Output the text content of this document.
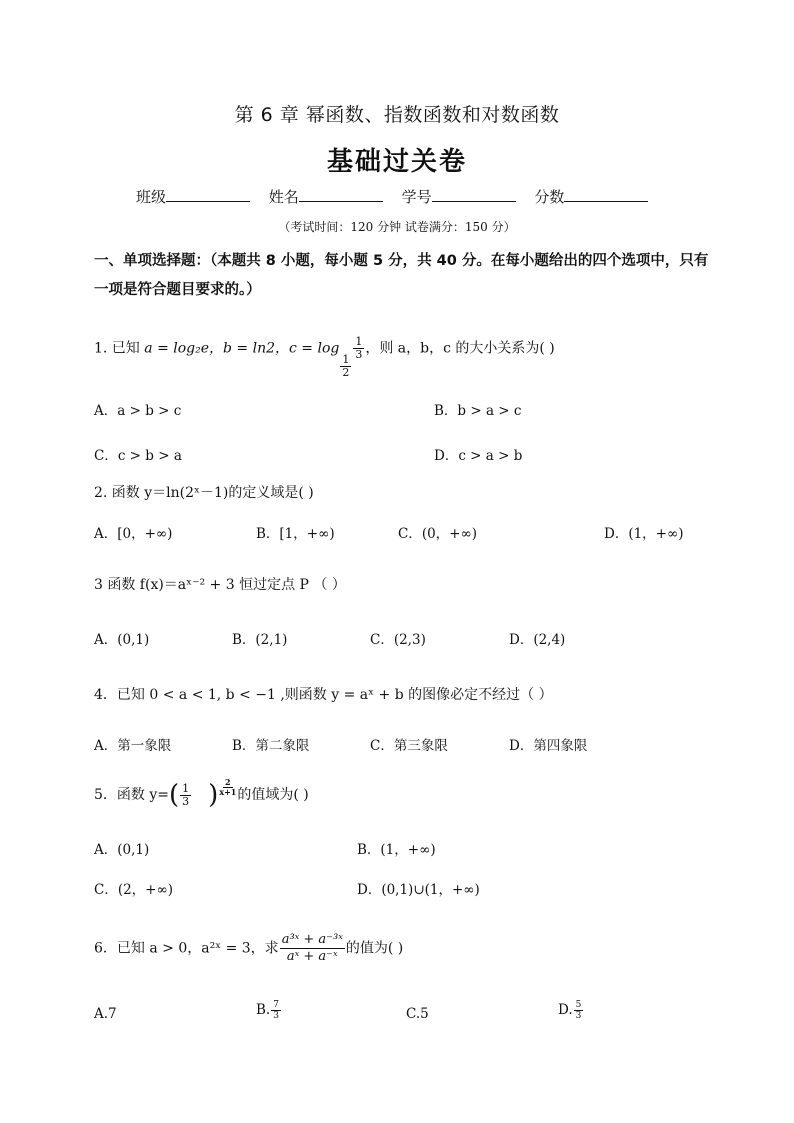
第 6 章 幂函数、指数函数和对数函数
基础过关卷
班级	姓名	学号	分数
（考试时间：120 分钟 试卷满分：150 分）
一、单项选择题：（本题共 8 小题，每小题 5 分，共 40 分。在每小题给出的四个选项中，只有一项是符合题目要求的。）
1. 已知 a = log₂e，b = ln2，c = log
$\frac{1}{2}$
$\frac{1}{3}$ ，则 a，b，c 的大小关系为( )
A．a > b > c	B．b > a > c
C．c > b > a	D．c > a > b
2. 函数 y＝ln(2ˣ－1)的定义域是( )
A．[0，+∞)	B．[1，+∞)	C．(0，+∞)	D．(1，+∞)
3 函数 f(x)＝aˣ⁻² + 3 恒过定点 P （ ）
A．(0,1)	B．(2,1)	C．(2,3)	D．(2,4)
4．已知 0 < a < 1, b < −1 ,则函数 y = aˣ + b 的图像必定不经过（ ）
A．第一象限	B．第二象限	C．第三象限	D．第四象限
5．函数 $y=( \frac{1}{3}$ ) $\frac{2}{x+1}$ 的值域为( )
A．(0,1)	B．(1，+∞)
C．(2，+∞)	D．(0,1)∪(1，+∞)
6．已知 a > 0，a²ˣ = 3，求 $\frac{\text{a³ˣ + a⁻³ˣ}}{\text{aˣ + a⁻ˣ}}$ 的值为( )
A.7	B. $\frac{7}{3}$	C.5	D. $\frac{5}{3}$
